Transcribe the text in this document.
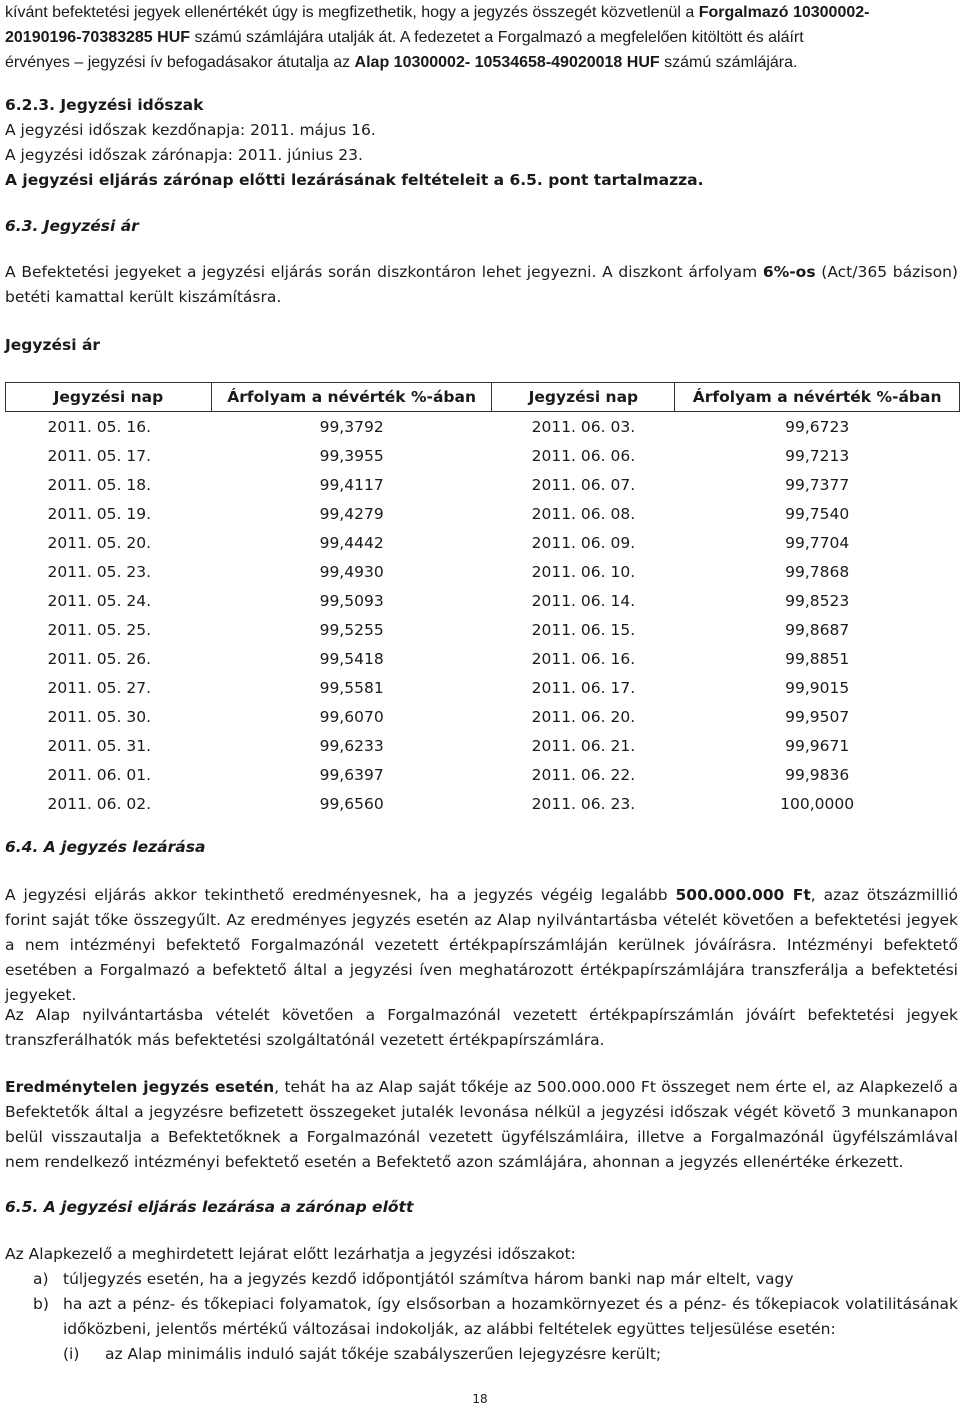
kívánt befektetési jegyek ellenértékét úgy is megfizethetik, hogy a jegyzés összegét közvetlenül a Forgalmazó 10300002-
20190196-70383285 HUF számú számlájára utalják át. A fedezetet a Forgalmazó a megfelelően kitöltött és aláírt
érvényes – jegyzési ív befogadásakor átutalja az Alap 10300002- 10534658-49020018 HUF számú számlájára.
6.2.3. Jegyzési időszak
A jegyzési időszak kezdőnapja: 2011. május 16.
A jegyzési időszak zárónapja: 2011. június 23.
A jegyzési eljárás zárónap előtti lezárásának feltételeit a 6.5. pont tartalmazza.
6.3. Jegyzési ár
A Befektetési jegyeket a jegyzési eljárás során diszkontáron lehet jegyezni. A diszkont árfolyam 6%-os (Act/365 bázison) betéti kamattal került kiszámításra.
Jegyzési ár
Jegyzési nap	Árfolyam a névérték %-ában	Jegyzési nap	Árfolyam a névérték %-ában
2011. 05. 16.	99,3792	2011. 06. 03.	99,6723
2011. 05. 17.	99,3955	2011. 06. 06.	99,7213
2011. 05. 18.	99,4117	2011. 06. 07.	99,7377
2011. 05. 19.	99,4279	2011. 06. 08.	99,7540
2011. 05. 20.	99,4442	2011. 06. 09.	99,7704
2011. 05. 23.	99,4930	2011. 06. 10.	99,7868
2011. 05. 24.	99,5093	2011. 06. 14.	99,8523
2011. 05. 25.	99,5255	2011. 06. 15.	99,8687
2011. 05. 26.	99,5418	2011. 06. 16.	99,8851
2011. 05. 27.	99,5581	2011. 06. 17.	99,9015
2011. 05. 30.	99,6070	2011. 06. 20.	99,9507
2011. 05. 31.	99,6233	2011. 06. 21.	99,9671
2011. 06. 01.	99,6397	2011. 06. 22.	99,9836
2011. 06. 02.	99,6560	2011. 06. 23.	100,0000
6.4. A jegyzés lezárása
A jegyzési eljárás akkor tekinthető eredményesnek, ha a jegyzés végéig legalább 500.000.000 Ft, azaz ötszázmillió forint saját tőke összegyűlt. Az eredményes jegyzés esetén az Alap nyilvántartásba vételét követően a befektetési jegyek a nem intézményi befektető Forgalmazónál vezetett értékpapírszámláján kerülnek jóváírásra. Intézményi befektető esetében a Forgalmazó a befektető által a jegyzési íven meghatározott értékpapírszámlájára transzferálja a befektetési jegyeket.
Az Alap nyilvántartásba vételét követően a Forgalmazónál vezetett értékpapírszámlán jóváírt befektetési jegyek transzferálhatók más befektetési szolgáltatónál vezetett értékpapírszámlára.
Eredménytelen jegyzés esetén, tehát ha az Alap saját tőkéje az 500.000.000 Ft összeget nem érte el, az Alapkezelő a Befektetők által a jegyzésre befizetett összegeket jutalék levonása nélkül a jegyzési időszak végét követő 3 munkanapon belül visszautalja a Befektetőknek a Forgalmazónál vezetett ügyfélszámláira, illetve a Forgalmazónál ügyfélszámlával nem rendelkező intézményi befektető esetén a Befektető azon számlájára, ahonnan a jegyzés ellenértéke érkezett.
6.5. A jegyzési eljárás lezárása a zárónap előtt
Az Alapkezelő a meghirdetett lejárat előtt lezárhatja a jegyzési időszakot:
a) túljegyzés esetén, ha a jegyzés kezdő időpontjától számítva három banki nap már eltelt, vagy
b) ha azt a pénz- és tőkepiaci folyamatok, így elsősorban a hozamkörnyezet és a pénz- és tőkepiacok volatilitásának időközbeni, jelentős mértékű változásai indokolják, az alábbi feltételek együttes teljesülése esetén:
(i) az Alap minimális induló saját tőkéje szabályszerűen lejegyzésre került;
18
